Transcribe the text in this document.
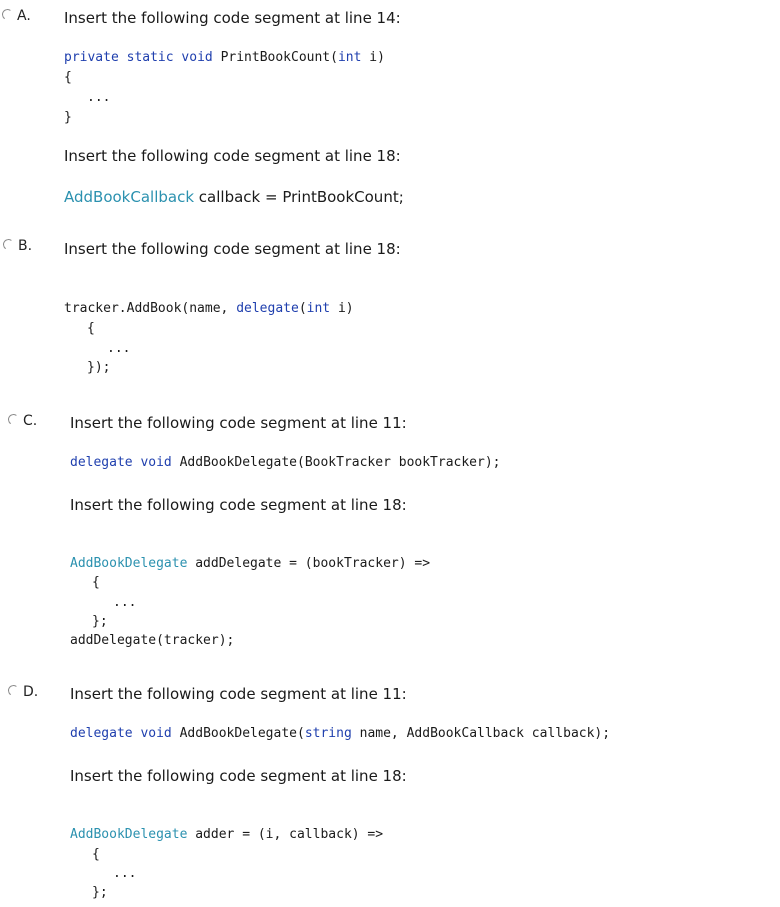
A. Insert the following code segment at line 14:
private static void PrintBookCount(int i)
{
...
}
Insert the following code segment at line 18:
AddBookCallback callback = PrintBookCount;
B. Insert the following code segment at line 18:
tracker.AddBook(name, delegate(int i)
{
...
});
C. Insert the following code segment at line 11:
delegate void AddBookDelegate(BookTracker bookTracker);
Insert the following code segment at line 18:
AddBookDelegate addDelegate = (bookTracker) =>
{
...
};
addDelegate(tracker);
D. Insert the following code segment at line 11:
delegate void AddBookDelegate(string name, AddBookCallback callback);
Insert the following code segment at line 18:
AddBookDelegate adder = (i, callback) =>
{
...
};
